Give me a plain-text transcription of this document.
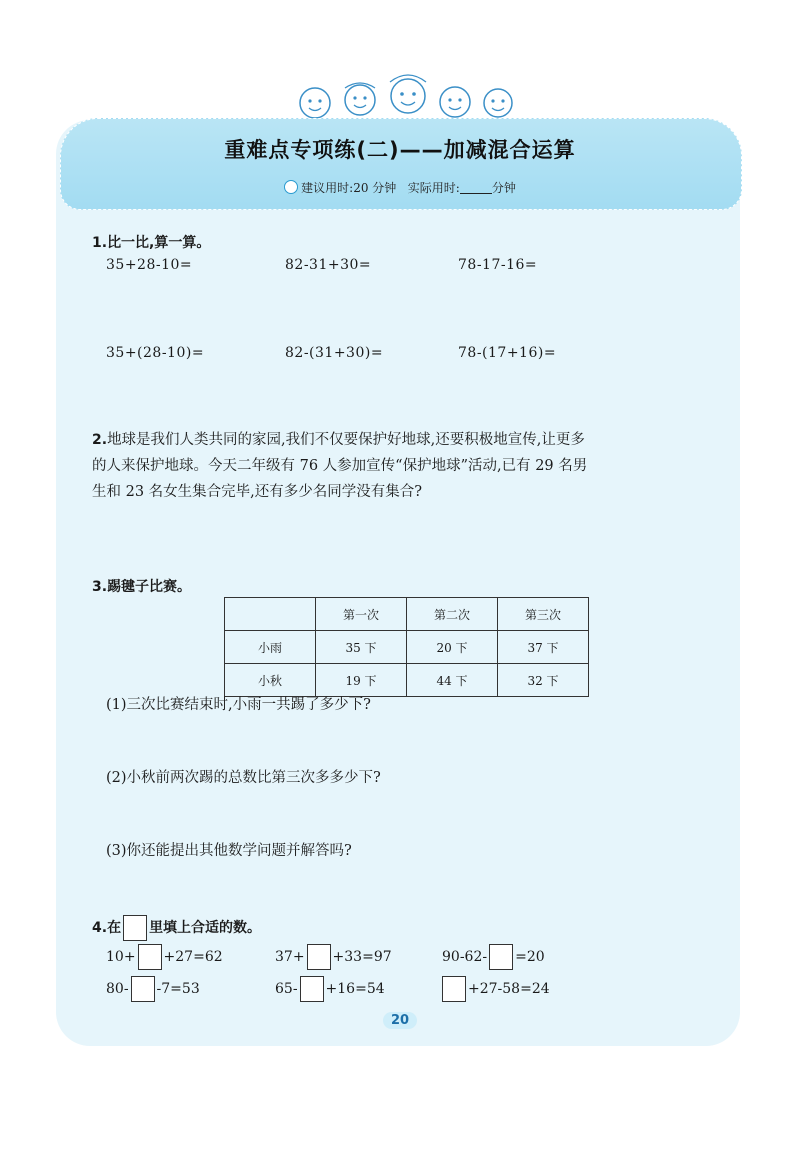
重难点专项练(二)——加减混合运算
建议用时:20 分钟 实际用时:	分钟
1.比一比,算一算。
35+28-10=	82-31+30=	78-17-16=
35+(28-10)=	82-(31+30)=	78-(17+16)=
2.地球是我们人类共同的家园,我们不仅要保护好地球,还要积极地宣传,让更多
的人来保护地球。今天二年级有 76 人参加宣传“保护地球”活动,已有 29 名男
生和 23 名女生集合完毕,还有多少名同学没有集合?
3.踢毽子比赛。
	第一次	第二次	第三次
小雨	35 下	20 下	37 下
小秋	19 下	44 下	32 下
(1)三次比赛结束时,小雨一共踢了多少下?
(2)小秋前两次踢的总数比第三次多多少下?
(3)你还能提出其他数学问题并解答吗?
4.在 里填上合适的数。
10+ +27=62	37+ +33=97	90-62- =20
80- -7=53	65- +16=54	+27-58=24
20
